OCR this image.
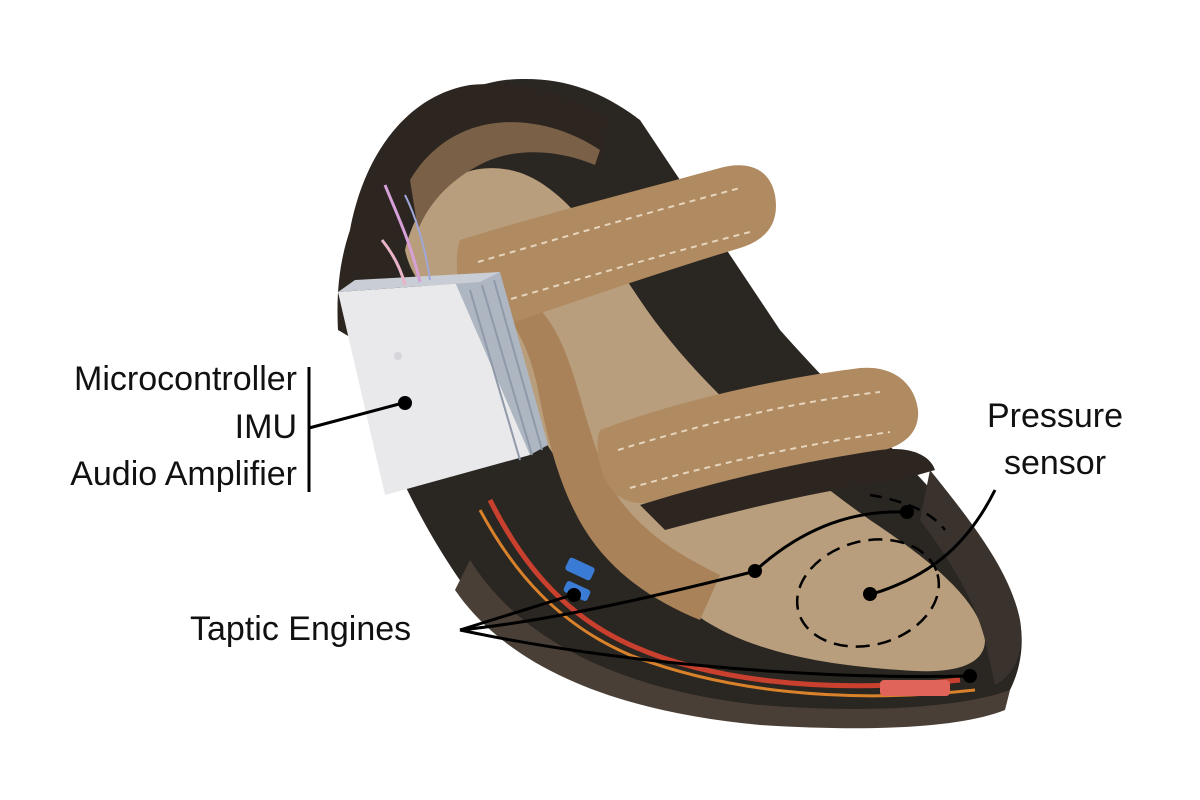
Microcontroller
IMU
Audio Amplifier
Pressure
sensor
Taptic Engines
